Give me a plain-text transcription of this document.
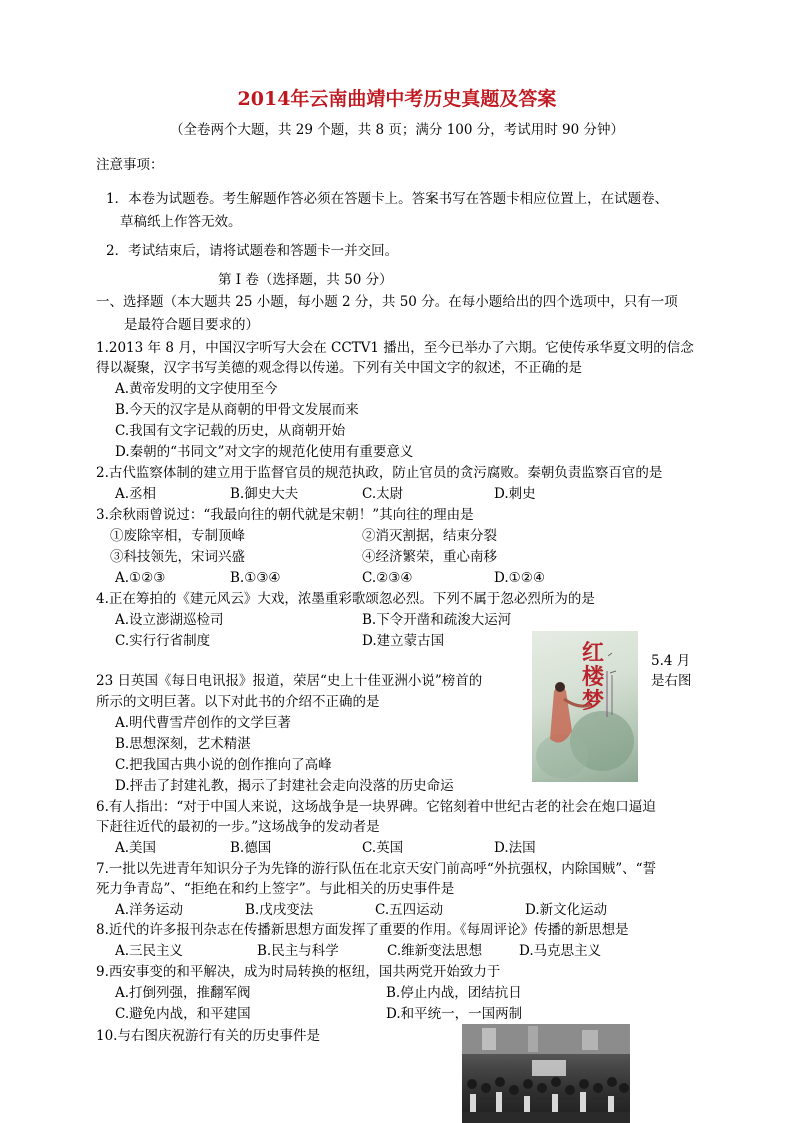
2014年云南曲靖中考历史真题及答案
（全卷两个大题，共 29 个题，共 8 页；满分 100 分，考试用时 90 分钟）
注意事项：
1．本卷为试题卷。考生解题作答必须在答题卡上。答案书写在答题卡相应位置上，在试题卷、
草稿纸上作答无效。
2．考试结束后，请将试题卷和答题卡一并交回。
第 I 卷（选择题，共 50 分）
一、选择题（本大题共 25 小题，每小题 2 分，共 50 分。在每小题给出的四个选项中，只有一项
是最符合题目要求的）
1.2013 年 8 月，中国汉字听写大会在 CCTV1 播出，至今已举办了六期。它使传承华夏文明的信念
得以凝聚，汉字书写美德的观念得以传递。下列有关中国文字的叙述，不正确的是
A.黄帝发明的文字使用至今
B.今天的汉字是从商朝的甲骨文发展而来
C.我国有文字记载的历史，从商朝开始
D.秦朝的“书同文”对文字的规范化使用有重要意义
2.古代监察体制的建立用于监督官员的规范执政，防止官员的贪污腐败。秦朝负责监察百官的是
A.丞相	B.御史大夫	C.太尉	D.刺史
3.余秋雨曾说过：“我最向往的朝代就是宋朝！”其向往的理由是
①废除宰相，专制顶峰	②消灭割据，结束分裂
③科技领先，宋词兴盛	④经济繁荣，重心南移
A.①②③	B.①③④	C.②③④	D.①②④
4.正在筹拍的《建元风云》大戏，浓墨重彩歌颂忽必烈。下列不属于忽必烈所为的是
A.设立澎湖巡检司	B.下令开凿和疏浚大运河
C.实行行省制度	D.建立蒙古国	红楼梦
5.4 月
23 日英国《每日电讯报》报道，荣居“史上十佳亚洲小说”榜首的	是右图
所示的文明巨著。以下对此书的介绍不正确的是
A.明代曹雪芹创作的文学巨著
B.思想深刻，艺术精湛
C.把我国古典小说的创作推向了高峰
D.抨击了封建礼教，揭示了封建社会走向没落的历史命运
6.有人指出：“对于中国人来说，这场战争是一块界碑。它铭刻着中世纪古老的社会在炮口逼迫
下赶往近代的最初的一步。”这场战争的发动者是
A.美国	B.德国	C.英国	D.法国
7.一批以先进青年知识分子为先锋的游行队伍在北京天安门前高呼“外抗强权，内除国贼”、“誓
死力争青岛”、“拒绝在和约上签字”。与此相关的历史事件是
A.洋务运动	B.戊戌变法	C.五四运动	D.新文化运动
8.近代的许多报刊杂志在传播新思想方面发挥了重要的作用。《每周评论》传播的新思想是
A.三民主义	B.民主与科学	C.维新变法思想	D.马克思主义
9.西安事变的和平解决，成为时局转换的枢纽，国共两党开始致力于
A.打倒列强，推翻军阀	B.停止内战，团结抗日
C.避免内战，和平建国	D.和平统一，一国两制
10.与右图庆祝游行有关的历史事件是
